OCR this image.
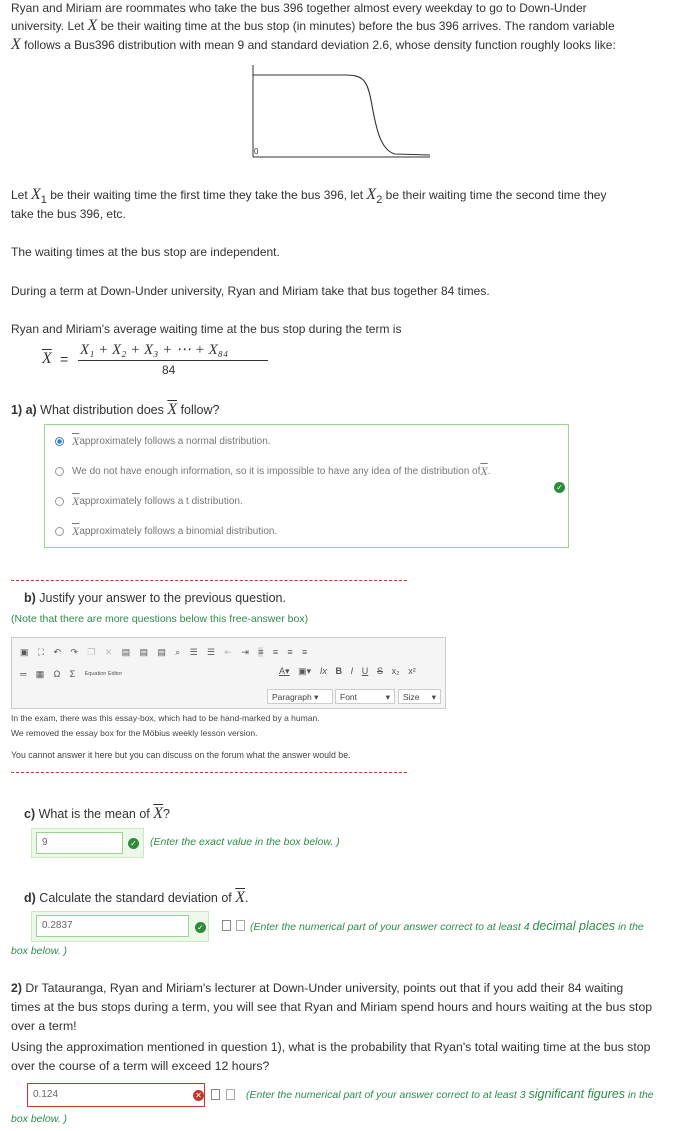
Ryan and Miriam are roommates who take the bus 396 together almost every weekday to go to Down-Under
university. Let X be their waiting time at the bus stop (in minutes) before the bus 396 arrives. The random variable
X follows a Bus396 distribution with mean 9 and standard deviation 2.6, whose density function roughly looks like:
0
Let X1 be their waiting time the first time they take the bus 396, let X2 be their waiting time the second time they
take the bus 396, etc.
The waiting times at the bus stop are independent.
During a term at Down-Under university, Ryan and Miriam take that bus together 84 times.
Ryan and Miriam's average waiting time at the bus stop during the term is
$\overline{X}$ =
X₁ + X₂ + X₃ + ⋯ + X₈₄
84
1) a) What distribution does $\overline{X}$ follow?
$\overline{X}$ approximately follows a normal distribution.
We do not have enough information, so it is impossible to have any idea of the distribution of $\overline{X}$ .
$\overline{X}$ approximately follows a t distribution.
$\overline{X}$ approximately follows a binomial distribution.
✓
b) Justify your answer to the previous question.
(Note that there are more questions below this free-answer box)
▣ ⛶ ↶ ↷ ❐ ✕ ▤ ▤ ▤ ⌕ ☰ ☰ ⇤ ⇥ ≡ ≡ ≡ ≡
═ ▦ Ω Σ Equation Editor	A▾ ▣▾ Ix B I U S x₂ x²
Paragraph ▾	Font	▾	Size ▾
In the exam, there was this essay-box, which had to be hand-marked by a human.
We removed the essay box for the Möbius weekly lesson version.
You cannot answer it here but you can discuss on the forum what the answer would be.
c) What is the mean of $\overline{X}$?
9	✓ (Enter the exact value in the box below. )
d) Calculate the standard deviation of $\overline{X}$.
0.2837	✓	(Enter the numerical part of your answer correct to at least 4 decimal places in the
box below. )
2) Dr Tatauranga, Ryan and Miriam's lecturer at Down-Under university, points out that if you add their 84 waiting
times at the bus stops during a term, you will see that Ryan and Miriam spend hours and hours waiting at the bus stop
over a term!
Using the approximation mentioned in question 1), what is the probability that Ryan's total waiting time at the bus stop
over the course of a term will exceed 12 hours?
0.124	✕	(Enter the numerical part of your answer correct to at least 3 significant figures in the
box below. )
